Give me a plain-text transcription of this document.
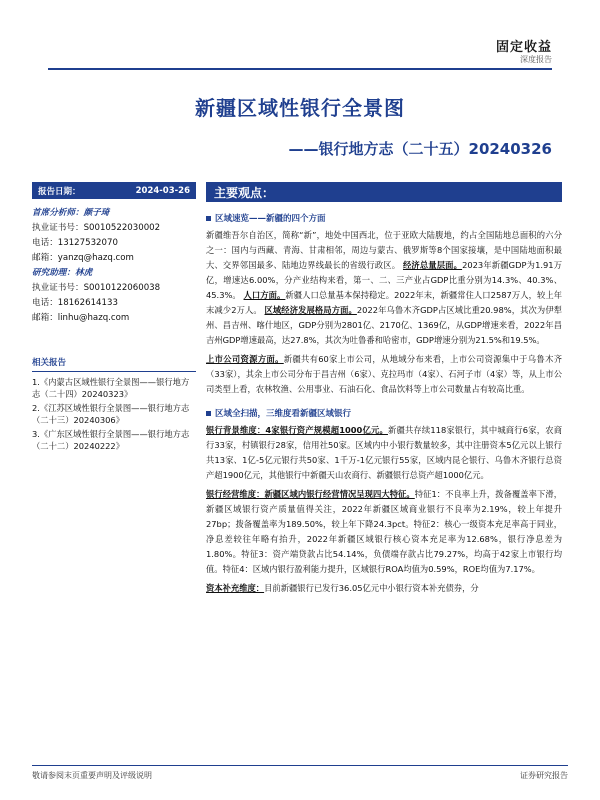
固定收益
深度报告
新疆区域性银行全景图
——银行地方志（二十五）20240326
报告日期：	2024-03-26
首席分析师：颜子琦
执业证书号：S0010522030002
电话：13127532070
邮箱：yanzq@hazq.com
研究助理：林虎
执业证书号：S0010122060038
电话：18162614133
邮箱：linhu@hazq.com
相关报告
1.《内蒙古区域性银行全景图——银行地方志（二十四）20240323》
2.《江苏区域性银行全景图——银行地方志（二十三）20240306》
3.《广东区域性银行全景图——银行地方志（二十二）20240222》
主要观点：
区域速览——新疆的四个方面
新疆维吾尔自治区，简称“新”，地处中国西北，位于亚欧大陆腹地，约占全国陆地总面积的六分之一：国内与西藏、青海、甘肃相邻，周边与蒙古、俄罗斯等8个国家接壤，是中国陆地面积最大、交界邻国最多、陆地边界线最长的省级行政区。 经济总量层面。2023年新疆GDP为1.91万亿，增速达6.00%，分产业结构来看，第一、二、三产业占GDP比重分别为14.3%、40.3%、45.3%。 人口方面。新疆人口总量基本保持稳定。2022年末，新疆常住人口2587万人，较上年末减少2万人。 区域经济发展格局方面。2022年乌鲁木齐GDP占区域比重20.98%，其次为伊犁州、昌吉州、喀什地区，GDP分别为2801亿、2170亿、1369亿，从GDP增速来看，2022年昌吉州GDP增速最高，达27.8%，其次为吐鲁番和哈密市，GDP增速分别为21.5%和19.5%。
上市公司资源方面。新疆共有60家上市公司，从地域分布来看，上市公司资源集中于乌鲁木齐（33家），其余上市公司分布于昌吉州（6家）、克拉玛市（4家）、石河子市（4家）等，从上市公司类型上看，农林牧渔、公用事业、石油石化、食品饮料等上市公司数量占有较高比重。
区域全扫描，三维度看新疆区域银行
银行背景维度：4家银行资产规模超1000亿元。新疆共存续118家银行，其中城商行6家，农商行33家，村镇银行28家，信用社50家。区域内中小银行数量较多，其中注册资本5亿元以上银行共13家、1亿-5亿元银行共50家、1千万-1亿元银行55家，区域内昆仑银行、乌鲁木齐银行总资产超1900亿元，其他银行中新疆天山农商行、新疆银行总资产超1000亿元。
银行经营维度：新疆区域内银行经营情况呈现四大特征。特征1：不良率上升，拨备覆盖率下滑，新疆区域银行资产质量值得关注，2022年新疆区域商业银行不良率为2.19%，较上年提升27bp；拨备覆盖率为189.50%，较上年下降24.3pct。特征2：核心一级资本充足率高于同业，净息差较往年略有抬升，2022年新疆区域银行核心资本充足率为12.68%，银行净息差为1.80%。特征3：资产端贷款占比54.14%，负债端存款占比79.27%，均高于42家上市银行均值。特征4：区域内银行盈利能力提升，区域银行ROA均值为0.59%，ROE均值为7.17%。
资本补充维度：目前新疆银行已发行36.05亿元中小银行资本补充债券，分
敬请参阅末页重要声明及评级说明	证券研究报告
